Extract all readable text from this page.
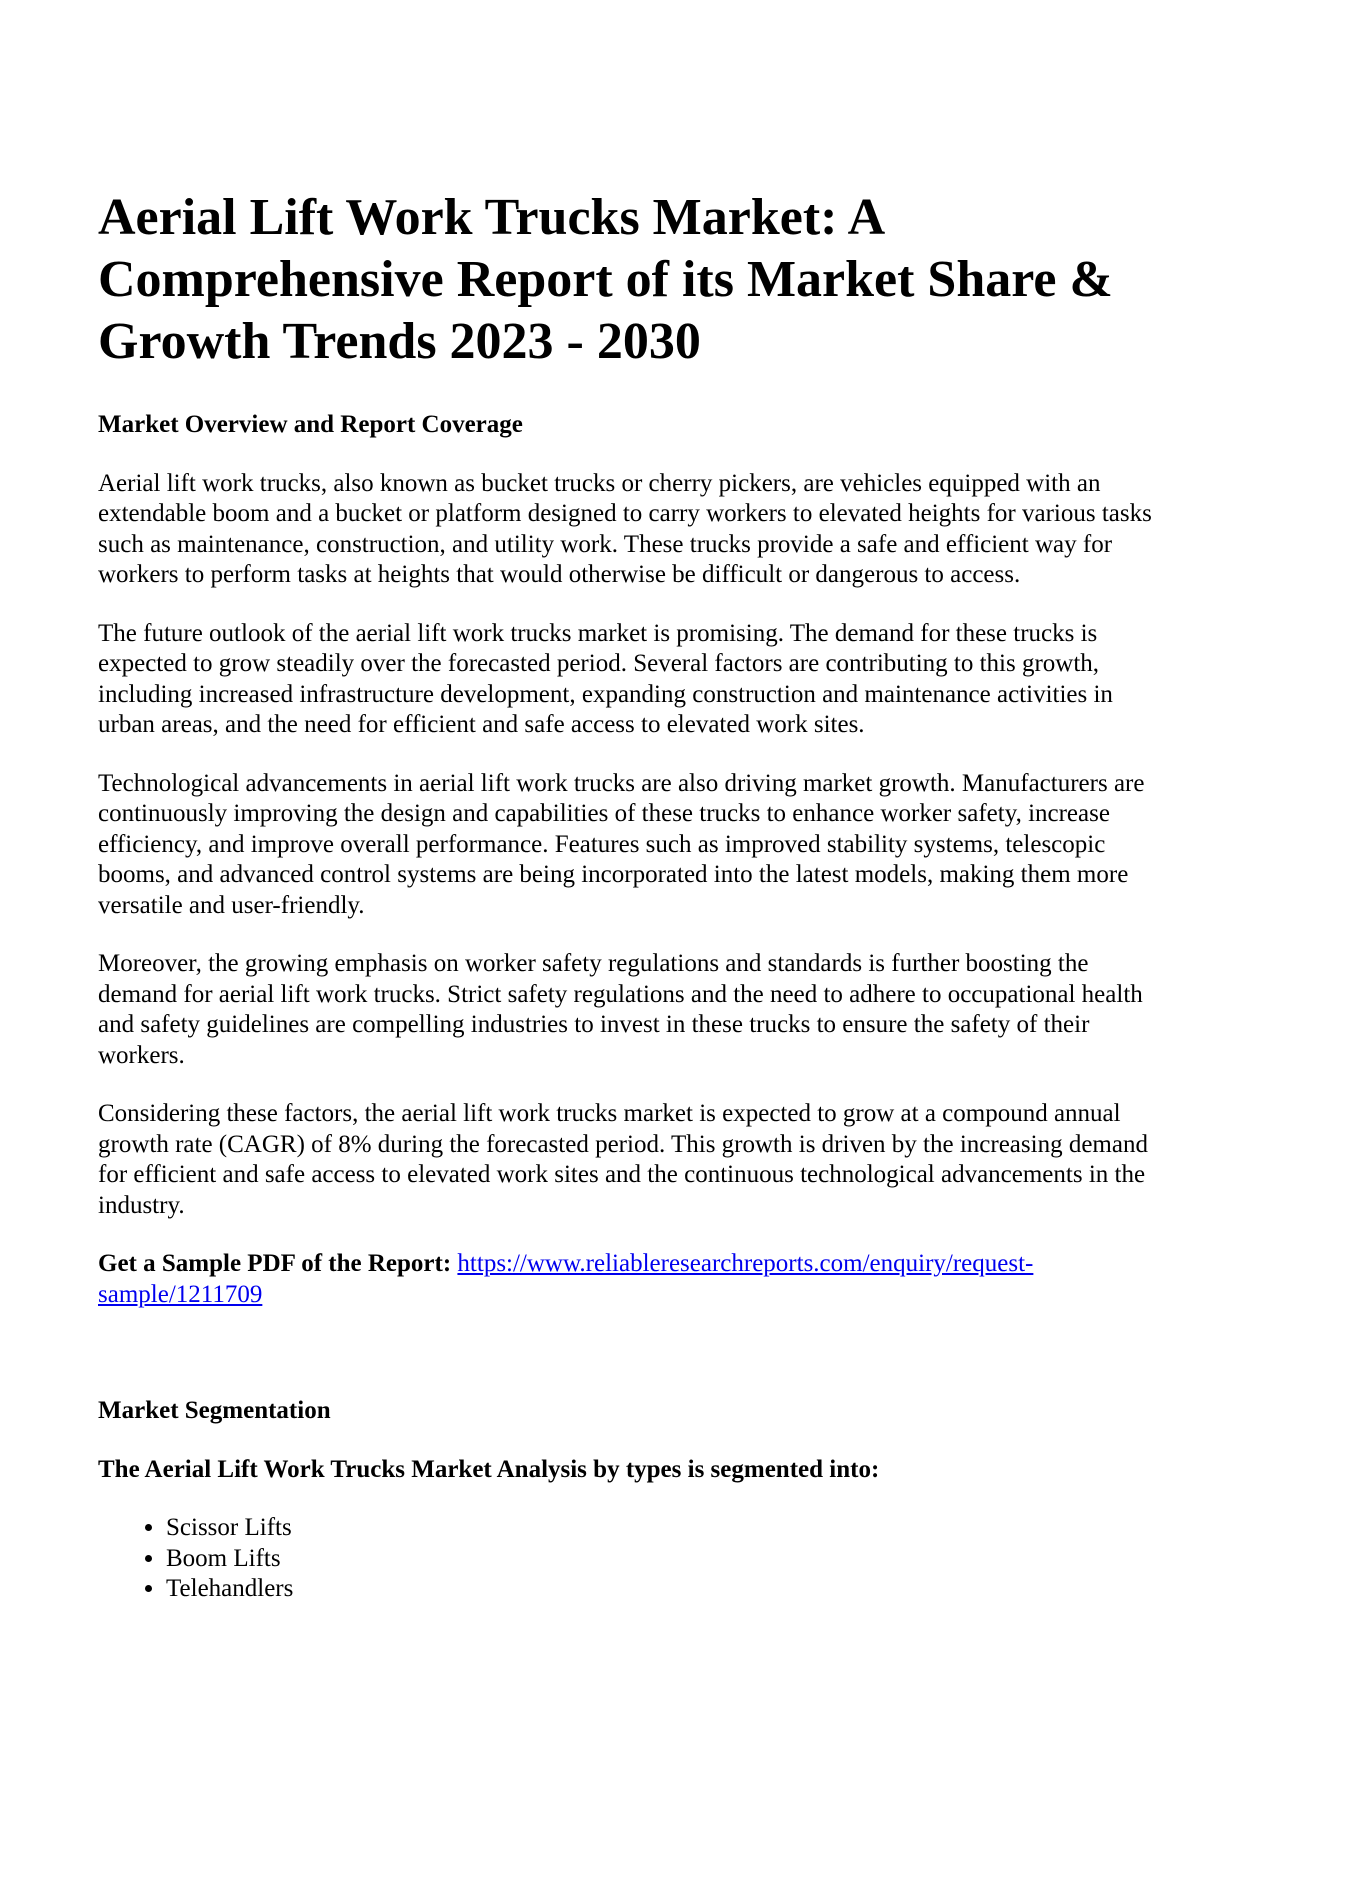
Aerial Lift Work Trucks Market: A
Comprehensive Report of its Market Share &
Growth Trends 2023 - 2030
Market Overview and Report Coverage

Aerial lift work trucks, also known as bucket trucks or cherry pickers, are vehicles equipped with an
extendable boom and a bucket or platform designed to carry workers to elevated heights for various tasks
such as maintenance, construction, and utility work. These trucks provide a safe and efficient way for
workers to perform tasks at heights that would otherwise be difficult or dangerous to access.

The future outlook of the aerial lift work trucks market is promising. The demand for these trucks is
expected to grow steadily over the forecasted period. Several factors are contributing to this growth,
including increased infrastructure development, expanding construction and maintenance activities in
urban areas, and the need for efficient and safe access to elevated work sites.

Technological advancements in aerial lift work trucks are also driving market growth. Manufacturers are
continuously improving the design and capabilities of these trucks to enhance worker safety, increase
efficiency, and improve overall performance. Features such as improved stability systems, telescopic
booms, and advanced control systems are being incorporated into the latest models, making them more
versatile and user-friendly.

Moreover, the growing emphasis on worker safety regulations and standards is further boosting the
demand for aerial lift work trucks. Strict safety regulations and the need to adhere to occupational health
and safety guidelines are compelling industries to invest in these trucks to ensure the safety of their
workers.

Considering these factors, the aerial lift work trucks market is expected to grow at a compound annual
growth rate (CAGR) of 8% during the forecasted period. This growth is driven by the increasing demand
for efficient and safe access to elevated work sites and the continuous technological advancements in the
industry.

Get a Sample PDF of the Report: https://www.reliableresearchreports.com/enquiry/request-
sample/1211709

Market Segmentation
The Aerial Lift Work Trucks Market Analysis by types is segmented into:
• Scissor Lifts
• Boom Lifts
• Telehandlers
